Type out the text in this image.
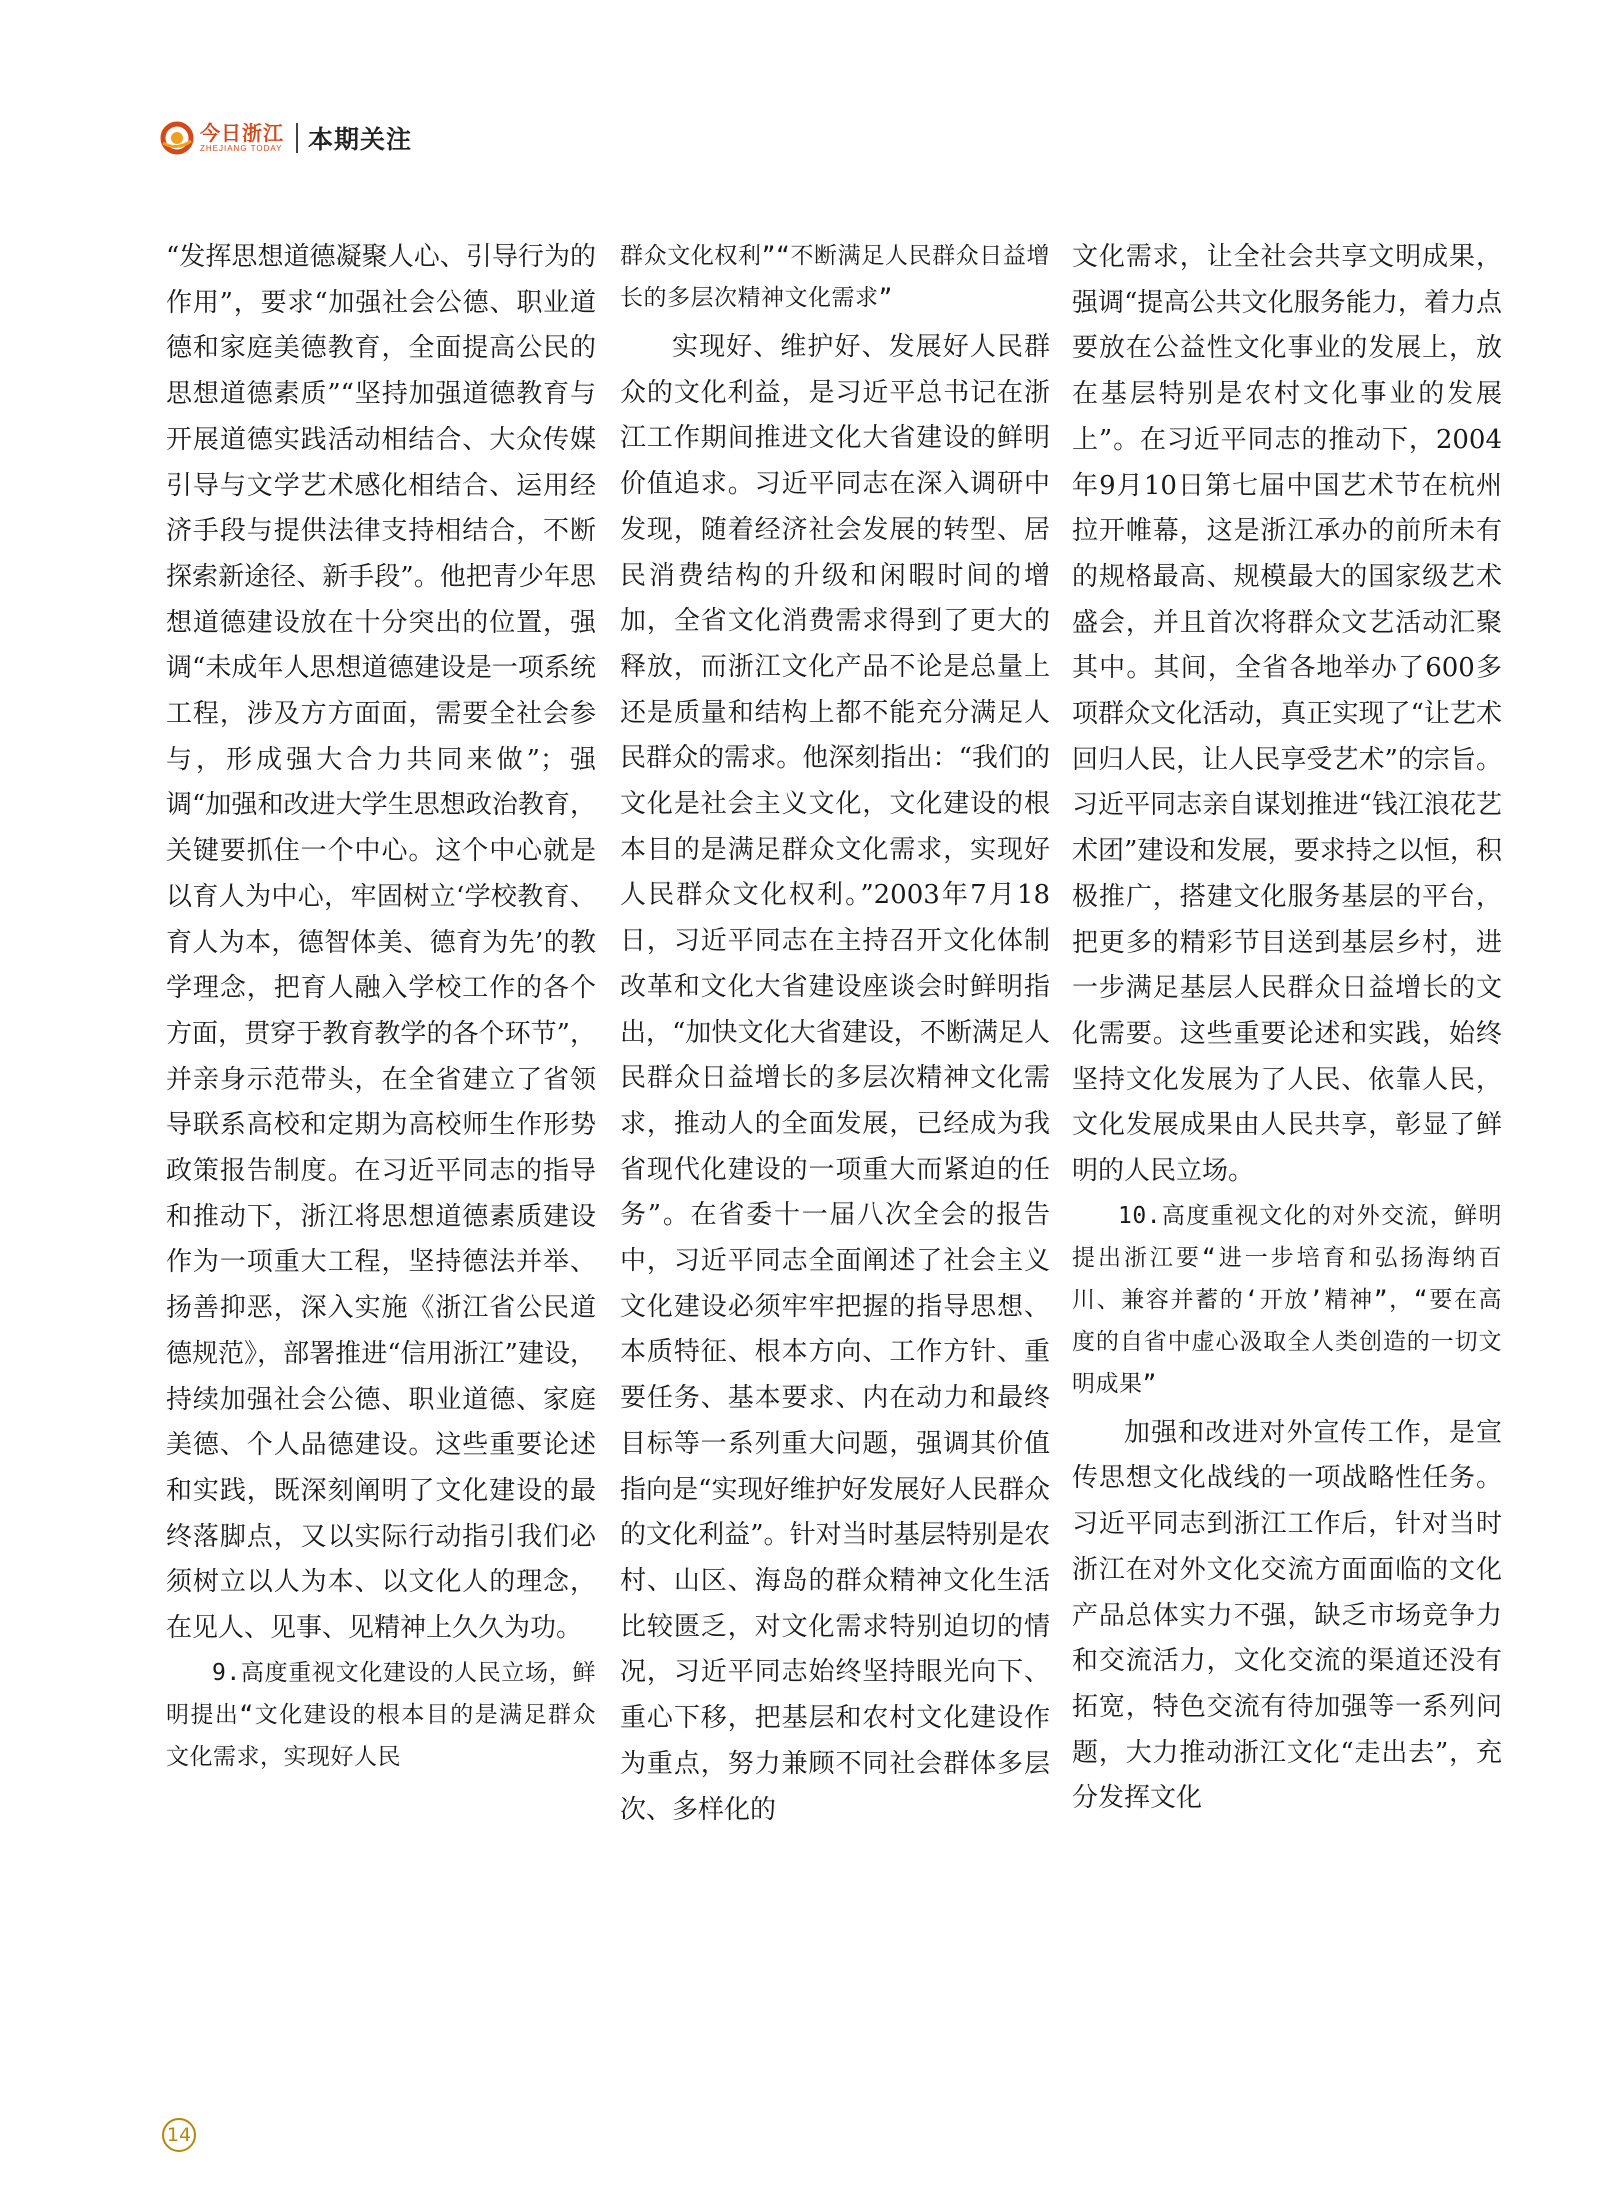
今日浙江
ZHEJIANG TODAY 本期关注

“发挥思想道德凝聚人心、引导行为的作用”，要求“加强社会公德、职业道德和家庭美德教育，全面提高公民的思想道德素质”“坚持加强道德教育与开展道德实践活动相结合、大众传媒引导与文学艺术感化相结合、运用经济手段与提供法律支持相结合，不断探索新途径、新手段”。他把青少年思想道德建设放在十分突出的位置，强调“未成年人思想道德建设是一项系统工程，涉及方方面面，需要全社会参与，形成强大合力共同来做”；强调“加强和改进大学生思想政治教育，关键要抓住一个中心。这个中心就是以育人为中心，牢固树立‘学校教育、育人为本，德智体美、德育为先’的教学理念，把育人融入学校工作的各个方面，贯穿于教育教学的各个环节”，并亲身示范带头，在全省建立了省领导联系高校和定期为高校师生作形势政策报告制度。在习近平同志的指导和推动下，浙江将思想道德素质建设作为一项重大工程，坚持德法并举、扬善抑恶，深入实施《浙江省公民道德规范》，部署推进“信用浙江”建设，持续加强社会公德、职业道德、家庭美德、个人品德建设。这些重要论述和实践，既深刻阐明了文化建设的最终落脚点，又以实际行动指引我们必须树立以人为本、以文化人的理念，在见人、见事、见精神上久久为功。

9.高度重视文化建设的人民立场，鲜明提出“文化建设的根本目的是满足群众文化需求，实现好人民

群众文化权利”“不断满足人民群众日益增长的多层次精神文化需求”

实现好、维护好、发展好人民群众的文化利益，是习近平总书记在浙江工作期间推进文化大省建设的鲜明价值追求。习近平同志在深入调研中发现，随着经济社会发展的转型、居民消费结构的升级和闲暇时间的增加，全省文化消费需求得到了更大的释放，而浙江文化产品不论是总量上还是质量和结构上都不能充分满足人民群众的需求。他深刻指出：“我们的文化是社会主义文化，文化建设的根本目的是满足群众文化需求，实现好人民群众文化权利。”2003年7月18日，习近平同志在主持召开文化体制改革和文化大省建设座谈会时鲜明指出，“加快文化大省建设，不断满足人民群众日益增长的多层次精神文化需求，推动人的全面发展，已经成为我省现代化建设的一项重大而紧迫的任务”。在省委十一届八次全会的报告中，习近平同志全面阐述了社会主义文化建设必须牢牢把握的指导思想、本质特征、根本方向、工作方针、重要任务、基本要求、内在动力和最终目标等一系列重大问题，强调其价值指向是“实现好维护好发展好人民群众的文化利益”。针对当时基层特别是农村、山区、海岛的群众精神文化生活比较匮乏，对文化需求特别迫切的情况，习近平同志始终坚持眼光向下、重心下移，把基层和农村文化建设作为重点，努力兼顾不同社会群体多层次、多样化的

文化需求，让全社会共享文明成果，强调“提高公共文化服务能力，着力点要放在公益性文化事业的发展上，放在基层特别是农村文化事业的发展上”。在习近平同志的推动下，2004年9月10日第七届中国艺术节在杭州拉开帷幕，这是浙江承办的前所未有的规格最高、规模最大的国家级艺术盛会，并且首次将群众文艺活动汇聚其中。其间，全省各地举办了600多项群众文化活动，真正实现了“让艺术回归人民，让人民享受艺术”的宗旨。习近平同志亲自谋划推进“钱江浪花艺术团”建设和发展，要求持之以恒，积极推广，搭建文化服务基层的平台，把更多的精彩节目送到基层乡村，进一步满足基层人民群众日益增长的文化需要。这些重要论述和实践，始终坚持文化发展为了人民、依靠人民，文化发展成果由人民共享，彰显了鲜明的人民立场。

10.高度重视文化的对外交流，鲜明提出浙江要“进一步培育和弘扬海纳百川、兼容并蓄的‘开放’精神”，“要在高度的自省中虚心汲取全人类创造的一切文明成果”

加强和改进对外宣传工作，是宣传思想文化战线的一项战略性任务。习近平同志到浙江工作后，针对当时浙江在对外文化交流方面面临的文化产品总体实力不强，缺乏市场竞争力和交流活力，文化交流的渠道还没有拓宽，特色交流有待加强等一系列问题，大力推动浙江文化“走出去”，充分发挥文化

14
